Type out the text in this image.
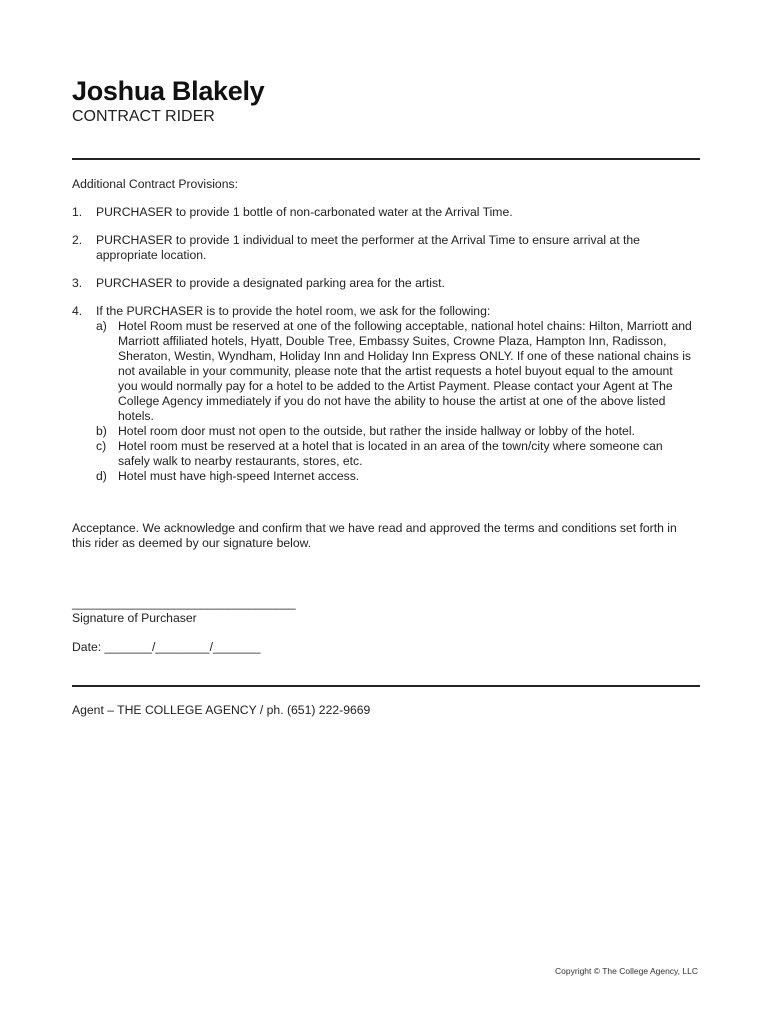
Joshua Blakely
CONTRACT RIDER
Additional Contract Provisions:
1. PURCHASER to provide 1 bottle of non-carbonated water at the Arrival Time.
2. PURCHASER to provide 1 individual to meet the performer at the Arrival Time to ensure arrival at the appropriate location.
3. PURCHASER to provide a designated parking area for the artist.
4. If the PURCHASER is to provide the hotel room, we ask for the following:
a) Hotel Room must be reserved at one of the following acceptable, national hotel chains: Hilton, Marriott and Marriott affiliated hotels, Hyatt, Double Tree, Embassy Suites, Crowne Plaza, Hampton Inn, Radisson, Sheraton, Westin, Wyndham, Holiday Inn and Holiday Inn Express ONLY. If one of these national chains is not available in your community, please note that the artist requests a hotel buyout equal to the amount you would normally pay for a hotel to be added to the Artist Payment. Please contact your Agent at The College Agency immediately if you do not have the ability to house the artist at one of the above listed hotels.
b) Hotel room door must not open to the outside, but rather the inside hallway or lobby of the hotel.
c) Hotel room must be reserved at a hotel that is located in an area of the town/city where someone can safely walk to nearby restaurants, stores, etc.
d) Hotel must have high-speed Internet access.
Acceptance. We acknowledge and confirm that we have read and approved the terms and conditions set forth in this rider as deemed by our signature below.
_________________________________
Signature of Purchaser
Date: _______/________/_______
Agent – THE COLLEGE AGENCY / ph. (651) 222-9669
Copyright © The College Agency, LLC
